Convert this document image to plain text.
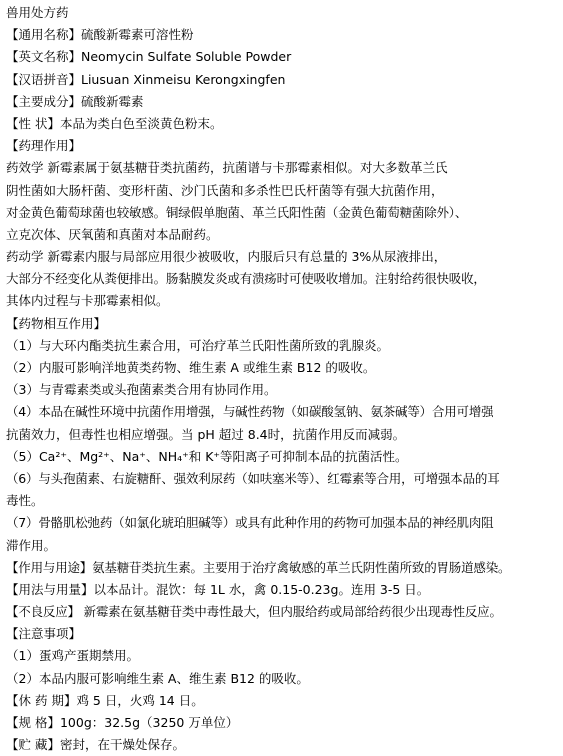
兽用处方药
【通用名称】硫酸新霉素可溶性粉
【英文名称】Neomycin Sulfate Soluble Powder
【汉语拼音】Liusuan Xinmeisu Kerongxingfen
【主要成分】硫酸新霉素
【性 状】本品为类白色至淡黄色粉末。
【药理作用】
药效学 新霉素属于氨基糖苷类抗菌药，抗菌谱与卡那霉素相似。对大多数革兰氏
阴性菌如大肠杆菌、变形杆菌、沙门氏菌和多杀性巴氏杆菌等有强大抗菌作用，
对金黄色葡萄球菌也较敏感。铜绿假单胞菌、革兰氏阳性菌（金黄色葡萄糖菌除外）、
立克次体、厌氧菌和真菌对本品耐药。
药动学 新霉素内服与局部应用很少被吸收，内服后只有总量的 3%从尿液排出，
大部分不经变化从粪便排出。肠黏膜发炎或有溃疡时可使吸收增加。注射给药很快吸收，
其体内过程与卡那霉素相似。
【药物相互作用】
（1）与大环内酯类抗生素合用，可治疗革兰氏阳性菌所致的乳腺炎。
（2）内服可影响洋地黄类药物、维生素 A 或维生素 B12 的吸收。
（3）与青霉素类或头孢菌素类合用有协同作用。
（4）本品在碱性环境中抗菌作用增强，与碱性药物（如碳酸氢钠、氨茶碱等）合用可增强
抗菌效力，但毒性也相应增强。当 pH 超过 8.4时，抗菌作用反而减弱。
（5）Ca²⁺、Mg²⁺、Na⁺、NH₄⁺和 K⁺等阳离子可抑制本品的抗菌活性。
（6）与头孢菌素、右旋糖酐、强效利尿药（如呋塞米等）、红霉素等合用，可增强本品的耳
毒性。
（7）骨骼肌松弛药（如氯化琥珀胆碱等）或具有此种作用的药物可加强本品的神经肌肉阻
滞作用。
【作用与用途】氨基糖苷类抗生素。主要用于治疗禽敏感的革兰氏阴性菌所致的胃肠道感染。
【用法与用量】以本品计。混饮：每 1L 水，禽 0.15-0.23g。连用 3-5 日。
【不良反应】 新霉素在氨基糖苷类中毒性最大，但内服给药或局部给药很少出现毒性反应。
【注意事项】
（1）蛋鸡产蛋期禁用。
（2）本品内服可影响维生素 A、维生素 B12 的吸收。
【休 药 期】鸡 5 日，火鸡 14 日。
【规 格】100g：32.5g（3250 万单位）
【贮 藏】密封，在干燥处保存。
